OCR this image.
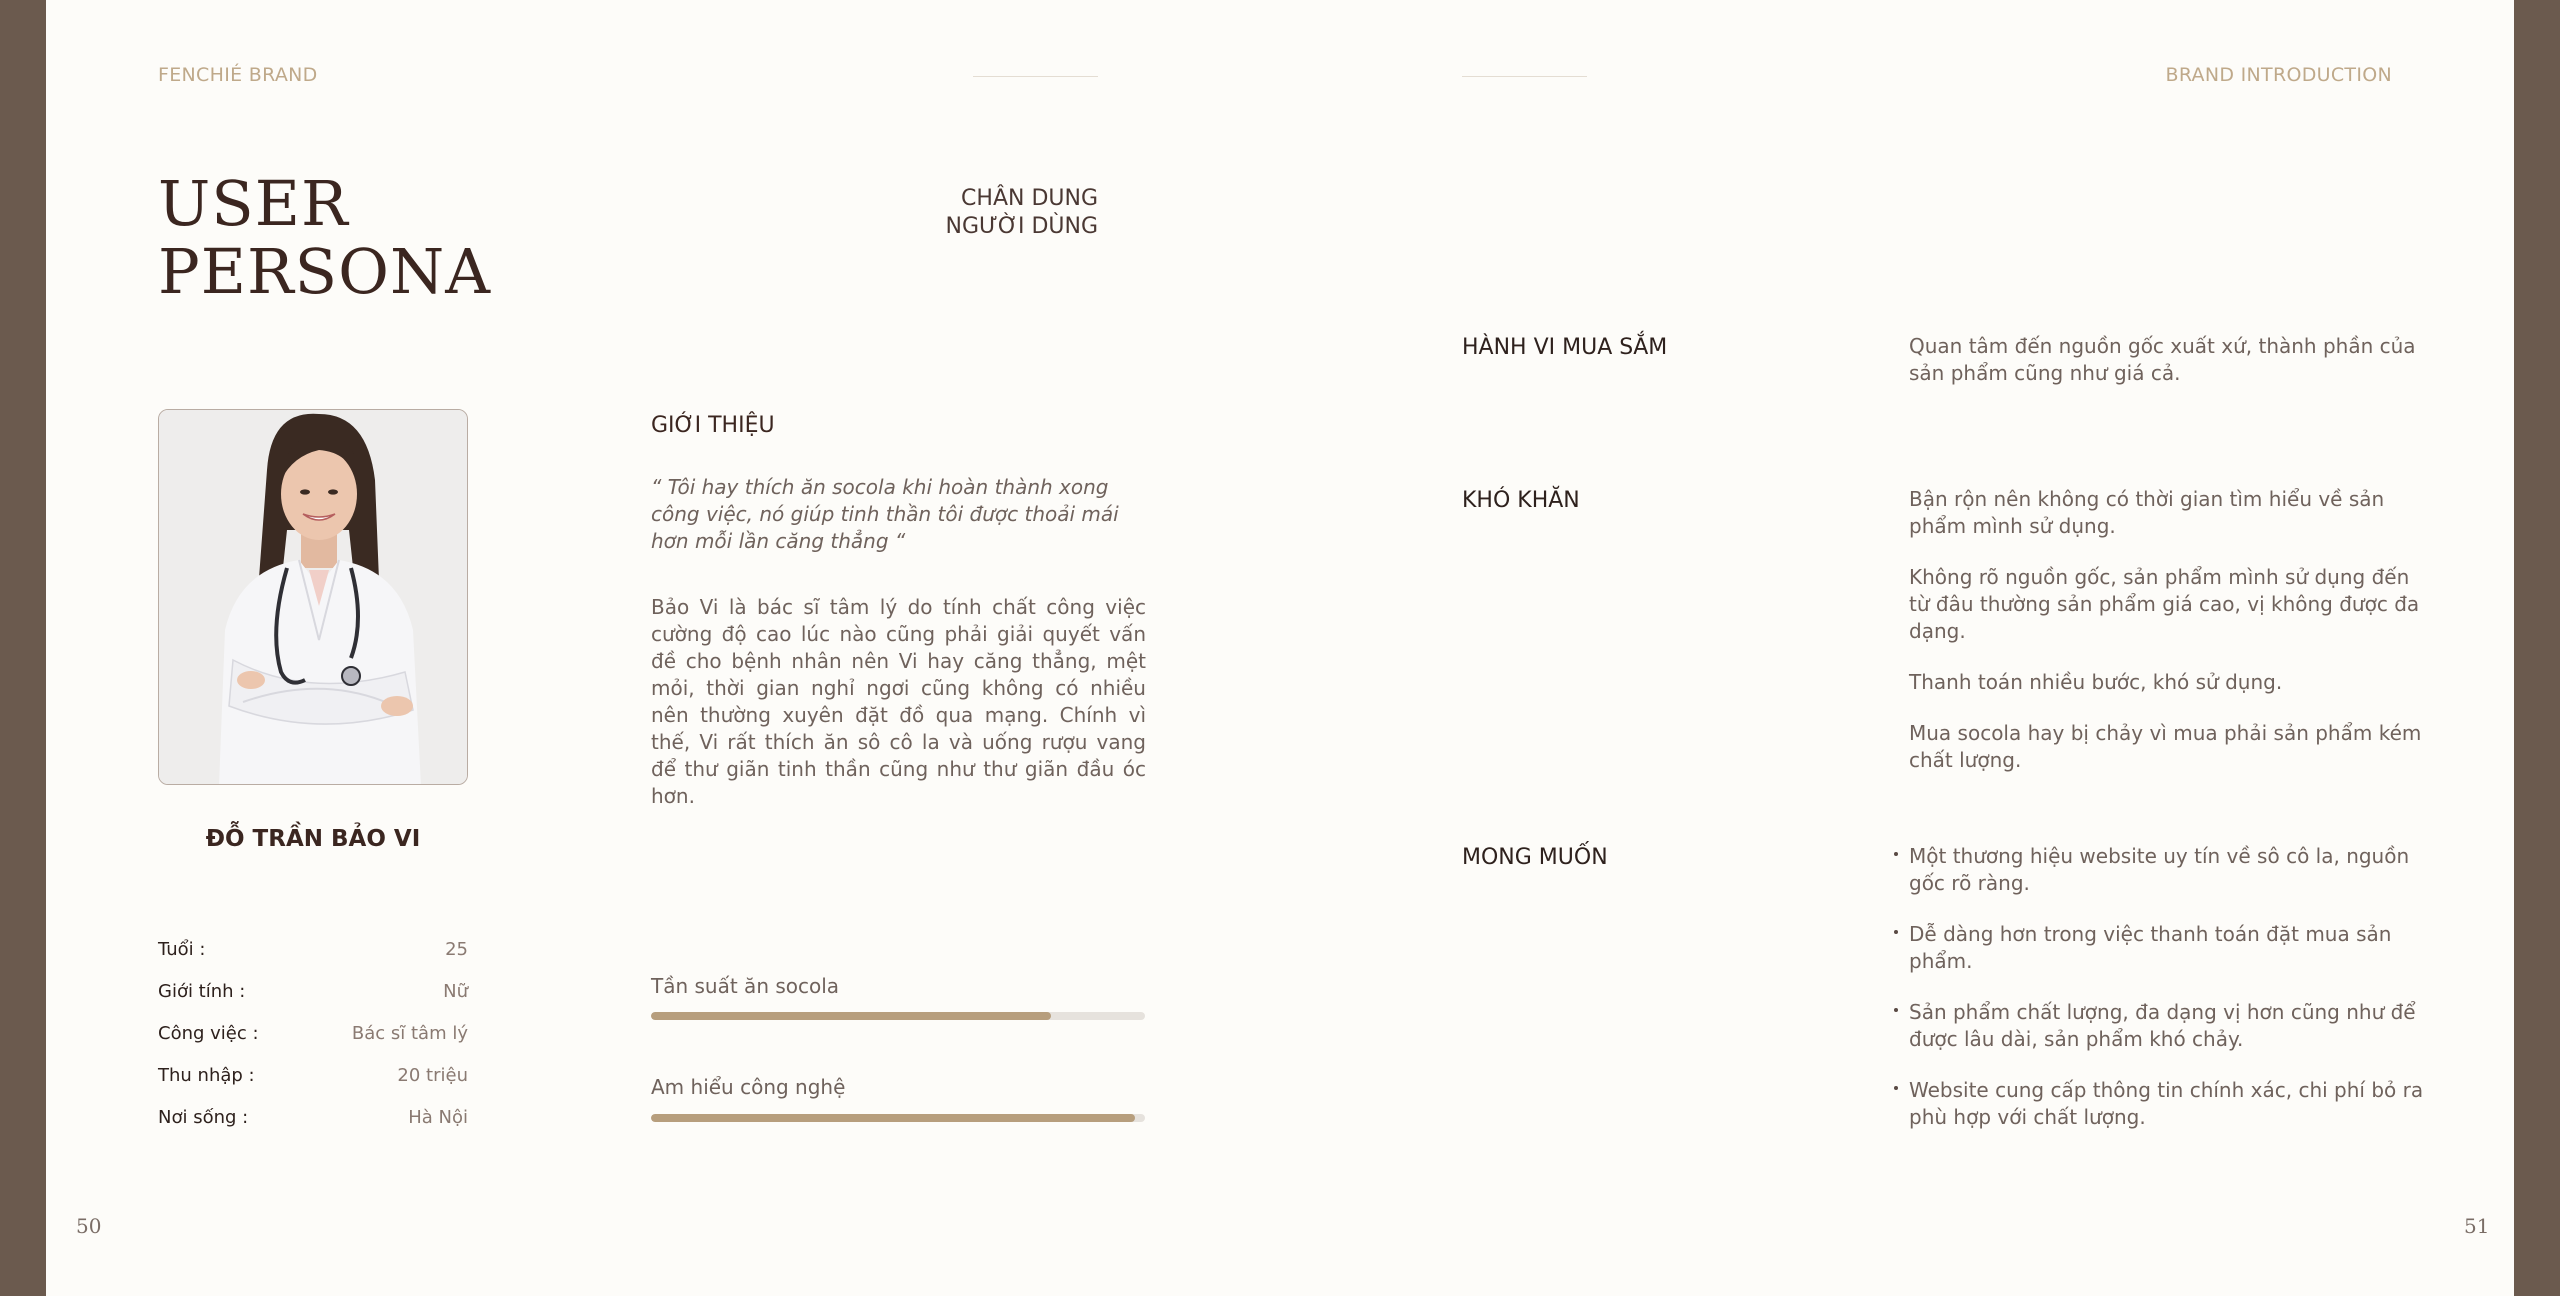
FENCHIÉ BRAND	BRAND INTRODUCTION
USER
PERSONA
CHÂN DUNG
NGƯỜI DÙNG
ĐỖ TRẦN BẢO VI
Tuổi :	25
Giới tính :	Nữ
Công việc :	Bác sĩ tâm lý
Thu nhập :	20 triệu
Nơi sống :	Hà Nội
GIỚI THIỆU
“ Tôi hay thích ăn socola khi hoàn thành xong công việc, nó giúp tinh thần tôi được thoải mái hơn mỗi lần căng thẳng “
Bảo Vi là bác sĩ tâm lý do tính chất công việc cường độ cao lúc nào cũng phải giải quyết vấn đề cho bệnh nhân nên Vi hay căng thẳng, mệt mỏi, thời gian nghỉ ngơi cũng không có nhiều nên thường xuyên đặt đồ qua mạng. Chính vì thế, Vi rất thích ăn sô cô la và uống rượu vang để thư giãn tinh thần cũng như thư giãn đầu óc hơn.
Tần suất ăn socola
Am hiểu công nghệ
50
HÀNH VI MUA SẮM	Quan tâm đến nguồn gốc xuất xứ, thành phần của sản phẩm cũng như giá cả.

KHÓ KHĂN	Bận rộn nên không có thời gian tìm hiểu về sản phẩm mình sử dụng.

Không rõ nguồn gốc, sản phẩm mình sử dụng đến từ đâu thường sản phẩm giá cao, vị không được đa dạng.

Thanh toán nhiều bước, khó sử dụng.

Mua socola hay bị chảy vì mua phải sản phẩm kém chất lượng.

MONG MUỐN	Một thương hiệu website uy tín về sô cô la, nguồn gốc rõ ràng.
Dễ dàng hơn trong việc thanh toán đặt mua sản phẩm.
Sản phẩm chất lượng, đa dạng vị hơn cũng như để được lâu dài, sản phẩm khó chảy.
Website cung cấp thông tin chính xác, chi phí bỏ ra phù hợp với chất lượng.
51
